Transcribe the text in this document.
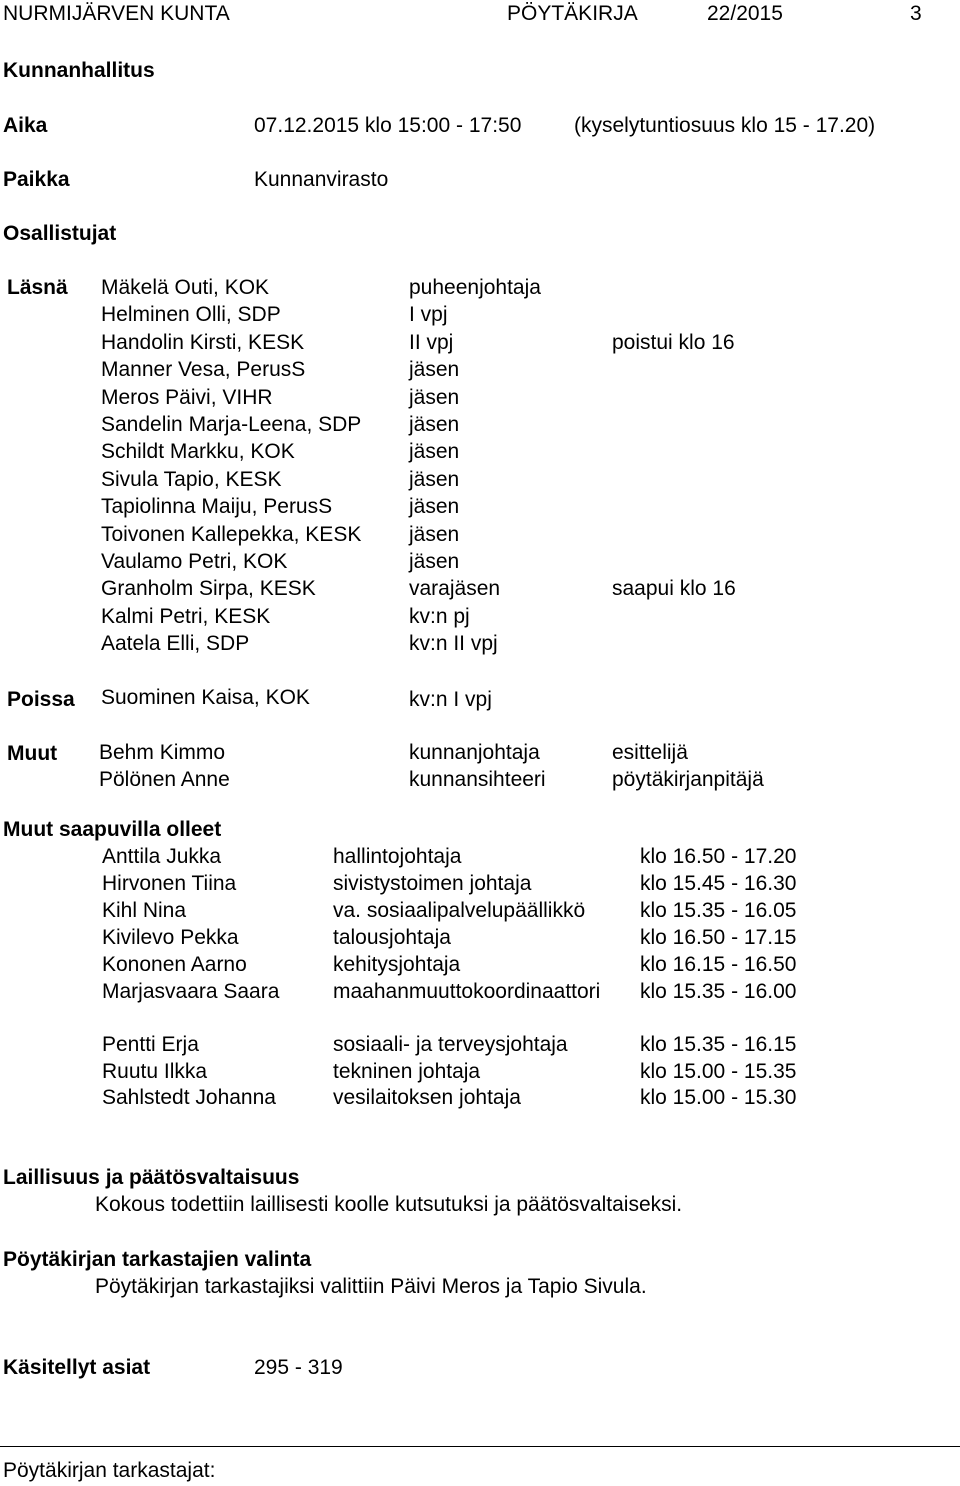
NURMIJÄRVEN KUNTA	PÖYTÄKIRJA	22/2015	3
Kunnanhallitus
Aika	07.12.2015 klo 15:00 - 17:50	(kyselytuntiosuus klo 15 - 17.20)
Paikka	Kunnanvirasto
Osallistujat
Läsnä Mäkelä Outi, KOK	puheenjohtaja
Helminen Olli, SDP	I vpj
Handolin Kirsti, KESK	II vpj	poistui klo 16
Manner Vesa, PerusS	jäsen
Meros Päivi, VIHR	jäsen
Sandelin Marja-Leena, SDP jäsen
Schildt Markku, KOK	jäsen
Sivula Tapio, KESK	jäsen
Tapiolinna Maiju, PerusS	jäsen
Toivonen Kallepekka, KESK jäsen
Vaulamo Petri, KOK	jäsen
Granholm Sirpa, KESK	varajäsen	saapui klo 16
Kalmi Petri, KESK	kv:n pj
Aatela Elli, SDP	kv:n II vpj
Poissa Suominen Kaisa, KOK	kv:n I vpj
Muut Behm Kimmo	kunnanjohtaja	esittelijä
Pölönen Anne	kunnansihteeri	pöytäkirjanpitäjä
Muut saapuvilla olleet
Anttila Jukka	hallintojohtaja	klo 16.50 - 17.20
Hirvonen Tiina	sivistystoimen johtaja	klo 15.45 - 16.30
Kihl Nina	va. sosiaalipalvelupäällikkö	klo 15.35 - 16.05
Kivilevo Pekka	talousjohtaja	klo 16.50 - 17.15
Kononen Aarno	kehitysjohtaja	klo 16.15 - 16.50
Marjasvaara Saara	maahanmuuttokoordinaattori klo 15.35 - 16.00
Pentti Erja	sosiaali- ja terveysjohtaja	klo 15.35 - 16.15
Ruutu Ilkka	tekninen johtaja	klo 15.00 - 15.35
Sahlstedt Johanna	vesilaitoksen johtaja	klo 15.00 - 15.30
Laillisuus ja päätösvaltaisuus
Kokous todettiin laillisesti koolle kutsutuksi ja päätösvaltaiseksi.
Pöytäkirjan tarkastajien valinta
Pöytäkirjan tarkastajiksi valittiin Päivi Meros ja Tapio Sivula.
Käsitellyt asiat	295 - 319
Pöytäkirjan tarkastajat:
